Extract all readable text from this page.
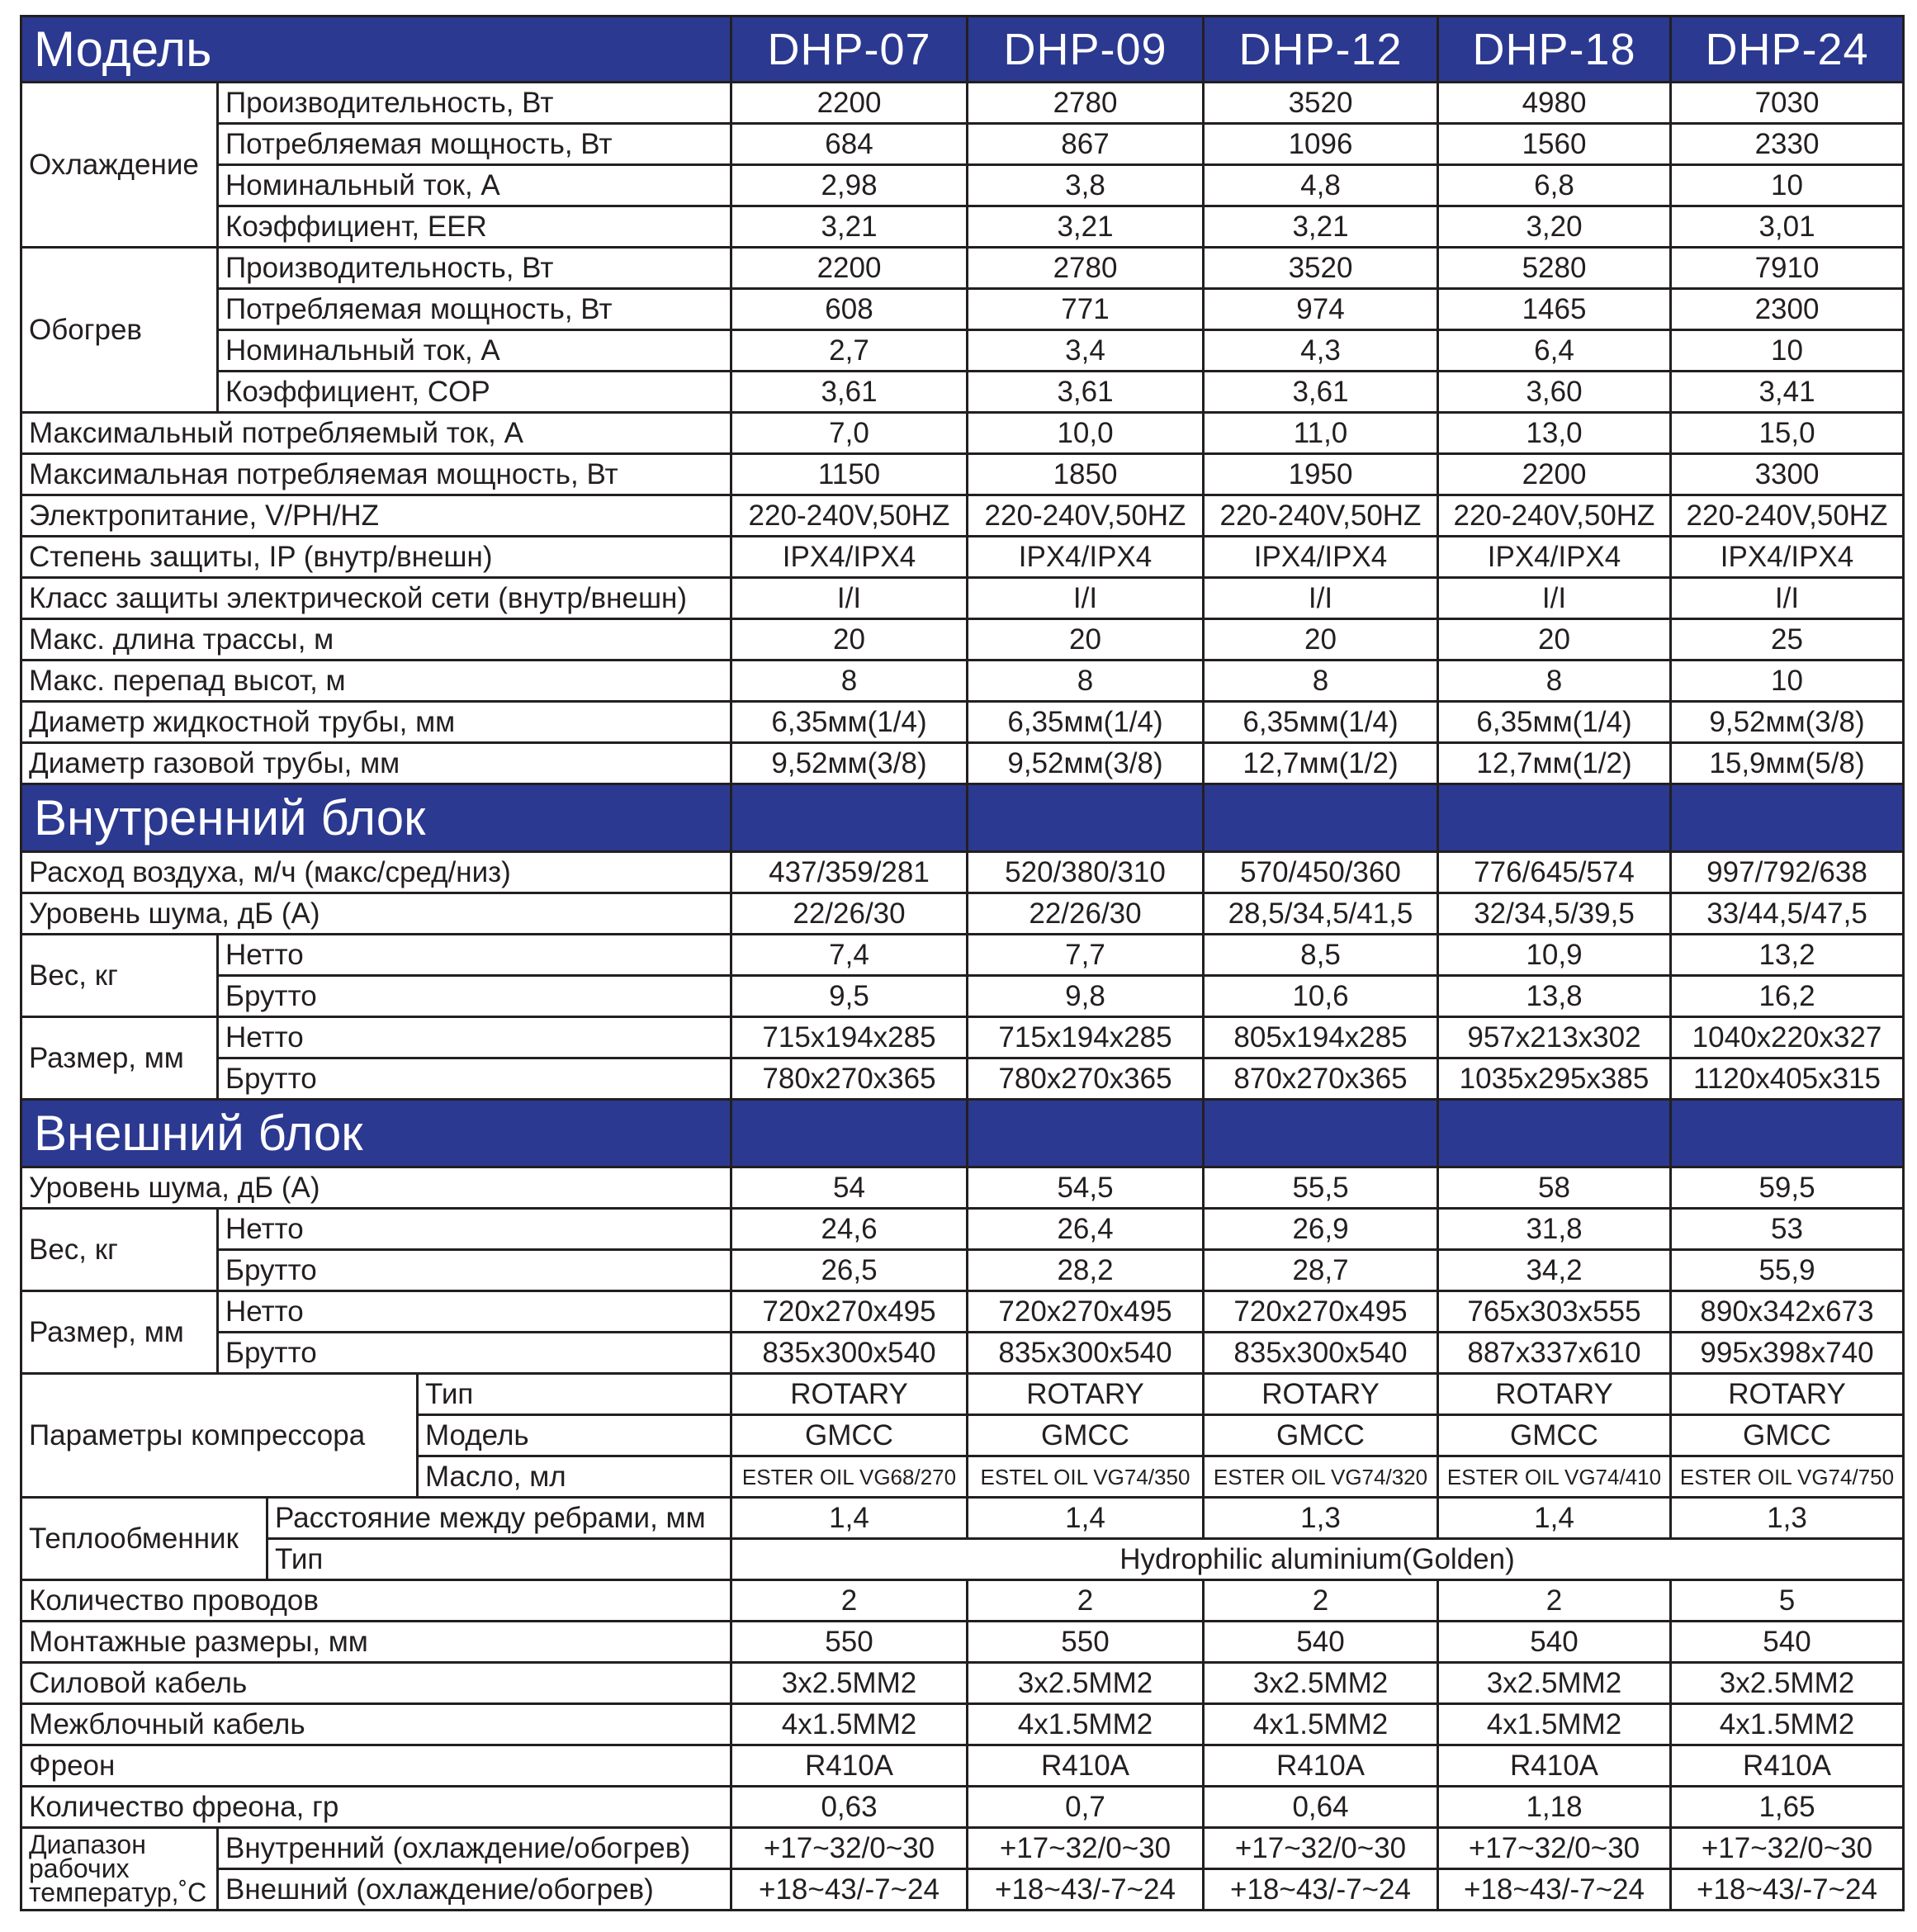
Модель				DHP-07	DHP-09	DHP-12	DHP-18	DHP-24
Охлаждение	Производительность, Вт			2200	2780	3520	4980	7030
	Потребляемая мощность, Вт			684	867	1096	1560	2330
	Номинальный ток, А			2,98	3,8	4,8	6,8	10
	Коэффициент, EER			3,21	3,21	3,21	3,20	3,01
Обогрев	Производительность, Вт			2200	2780	3520	5280	7910
	Потребляемая мощность, Вт			608	771	974	1465	2300
	Номинальный ток, А			2,7	3,4	4,3	6,4	10
	Коэффициент, COP			3,61	3,61	3,61	3,60	3,41
Максимальный потребляемый ток, А				7,0	10,0	11,0	13,0	15,0
Максимальная потребляемая мощность, Вт				1150	1850	1950	2200	3300
Электропитание, V/PH/HZ				220-240V,50HZ	220-240V,50HZ	220-240V,50HZ	220-240V,50HZ	220-240V,50HZ
Степень защиты, IP (внутр/внешн)				IPX4/IPX4	IPX4/IPX4	IPX4/IPX4	IPX4/IPX4	IPX4/IPX4
Класс защиты электрической сети (внутр/внешн)				I/I	I/I	I/I	I/I	I/I
Макс. длина трассы, м				20	20	20	20	25
Макс. перепад высот, м				8	8	8	8	10
Диаметр жидкостной трубы, мм				6,35мм(1/4)	6,35мм(1/4)	6,35мм(1/4)	6,35мм(1/4)	9,52мм(3/8)
Диаметр газовой трубы, мм				9,52мм(3/8)	9,52мм(3/8)	12,7мм(1/2)	12,7мм(1/2)	15,9мм(5/8)
Внутренний блок								
Расход воздуха, м/ч (макс/сред/низ)				437/359/281	520/380/310	570/450/360	776/645/574	997/792/638
Уровень шума, дБ (А)				22/26/30	22/26/30	28,5/34,5/41,5	32/34,5/39,5	33/44,5/47,5
Вес, кг	Нетто			7,4	7,7	8,5	10,9	13,2
	Брутто			9,5	9,8	10,6	13,8	16,2
Размер, мм	Нетто			715x194x285	715x194x285	805x194x285	957x213x302	1040x220x327
	Брутто			780x270x365	780x270x365	870x270x365	1035x295x385	1120x405x315
Внешний блок								
Уровень шума, дБ (А)				54	54,5	55,5	58	59,5
Вес, кг	Нетто			24,6	26,4	26,9	31,8	53
	Брутто			26,5	28,2	28,7	34,2	55,9
Размер, мм	Нетто			720x270x495	720x270x495	720x270x495	765x303x555	890x342x673
	Брутто			835x300x540	835x300x540	835x300x540	887x337x610	995x398x740
Параметры компрессора			Тип	ROTARY	ROTARY	ROTARY	ROTARY	ROTARY
			Модель	GMCC	GMCC	GMCC	GMCC	GMCC
			Масло, мл	ESTER OIL VG68/270	ESTEL OIL VG74/350	ESTER OIL VG74/320	ESTER OIL VG74/410	ESTER OIL VG74/750
Теплообменник		Расстояние между ребрами, мм		1,4	1,4	1,3	1,4	1,3
		Тип		Hydrophilic aluminium(Golden)				
Количество проводов				2	2	2	2	5
Монтажные размеры, мм				550	550	540	540	540
Силовой кабель				3x2.5MM2	3x2.5MM2	3x2.5MM2	3x2.5MM2	3x2.5MM2
Межблочный кабель				4x1.5MM2	4x1.5MM2	4x1.5MM2	4x1.5MM2	4x1.5MM2
Фреон				R410A	R410A	R410A	R410A	R410A
Количество фреона, гр				0,63	0,7	0,64	1,18	1,65
Диапазон рабочих температур,˚С	Внутренний (охлаждение/обогрев)			+17~32/0~30	+17~32/0~30	+17~32/0~30	+17~32/0~30	+17~32/0~30
	Внешний (охлаждение/обогрев)			+18~43/-7~24	+18~43/-7~24	+18~43/-7~24	+18~43/-7~24	+18~43/-7~24
